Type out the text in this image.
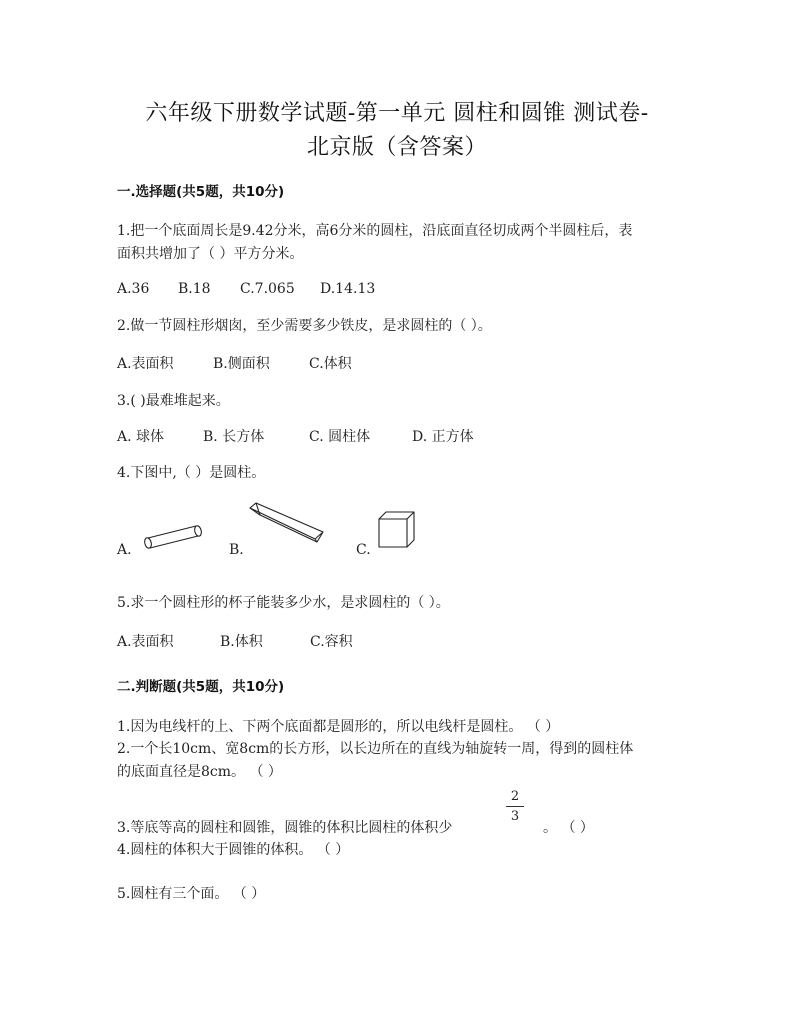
六年级下册数学试题-第一单元 圆柱和圆锥 测试卷-
北京版（含答案）
一.选择题(共5题，共10分)
1.把一个底面周长是9.42分米，高6分米的圆柱，沿底面直径切成两个半圆柱后，表
面积共增加了（ ）平方分米。
A.36 B.18 C.7.065 D.14.13
2.做一节圆柱形烟囱，至少需要多少铁皮，是求圆柱的（ ）。
A.表面积	B.侧面积	C.体积
3.( )最难堆起来。
A. 球体	B. 长方体	C. 圆柱体	D. 正方体
4.下图中,（ ）是圆柱。
A.	B.	C.
5.求一个圆柱形的杯子能装多少水，是求圆柱的（ ）。
A.表面积	B.体积	C.容积
二.判断题(共5题，共10分)
1.因为电线杆的上、下两个底面都是圆形的，所以电线杆是圆柱。 （ ）
2.一个长10cm、宽8cm的长方形，以长边所在的直线为轴旋转一周，得到的圆柱体
的底面直径是8cm。 （ ）
2
3
3.等底等高的圆柱和圆锥，圆锥的体积比圆柱的体积少	。 （ ）
4.圆柱的体积大于圆锥的体积。 （ ）
5.圆柱有三个面。 （ ）
